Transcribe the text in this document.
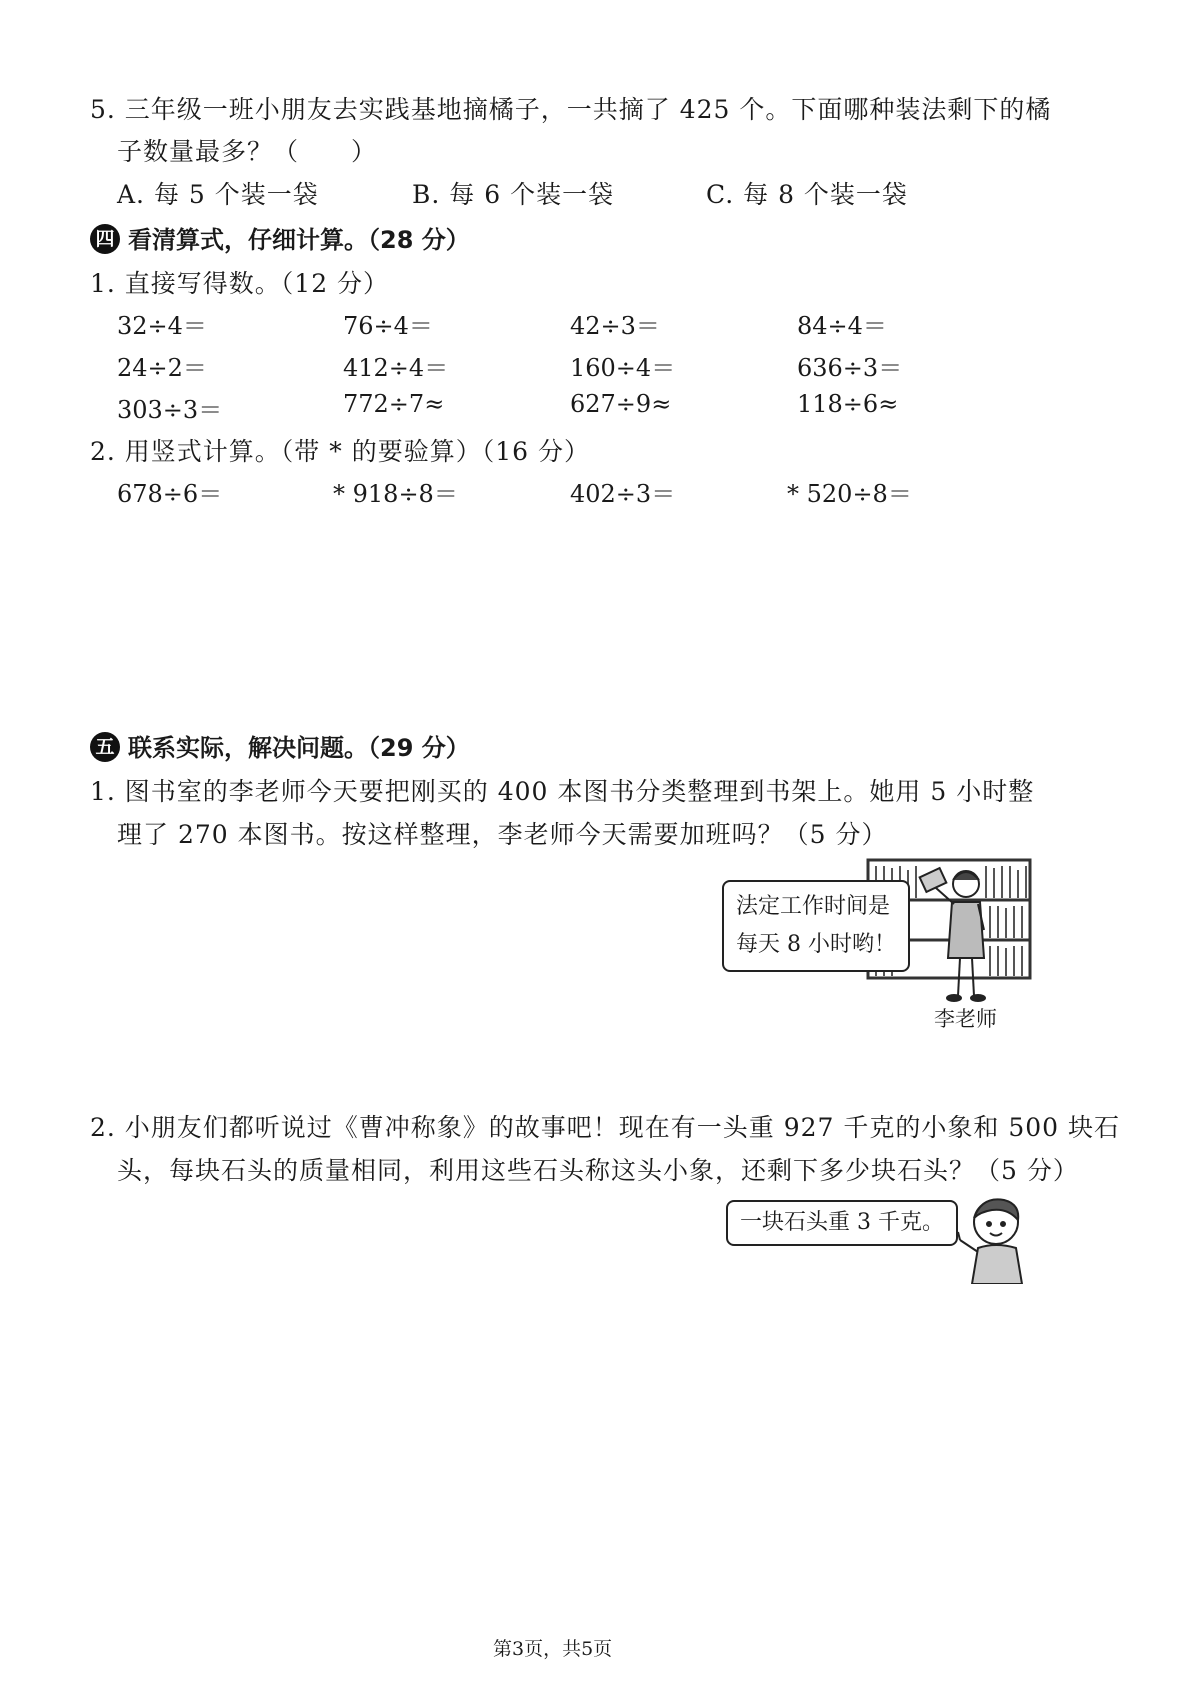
5. 三年级一班小朋友去实践基地摘橘子，一共摘了 425 个。下面哪种装法剩下的橘
子数量最多？（　　）
A. 每 5 个装一袋	B. 每 6 个装一袋	C. 每 8 个装一袋
四 看清算式，仔细计算。（28 分）
1. 直接写得数。（12 分）
32÷4＝	76÷4＝	42÷3＝	84÷4＝
24÷2＝	412÷4＝	160÷4＝	636÷3＝
303÷3＝	772÷7≈	627÷9≈	118÷6≈
2. 用竖式计算。（带 * 的要验算）（16 分）
678÷6＝	* 918÷8＝	402÷3＝	* 520÷8＝
五 联系实际，解决问题。（29 分）
1. 图书室的李老师今天要把刚买的 400 本图书分类整理到书架上。她用 5 小时整
理了 270 本图书。按这样整理，李老师今天需要加班吗？（5 分）
法定工作时间是
每天 8 小时哟！
李老师
2. 小朋友们都听说过《曹冲称象》的故事吧！现在有一头重 927 千克的小象和 500 块石
头，每块石头的质量相同，利用这些石头称这头小象，还剩下多少块石头？（5 分）
一块石头重 3 千克。
第3页，共5页
